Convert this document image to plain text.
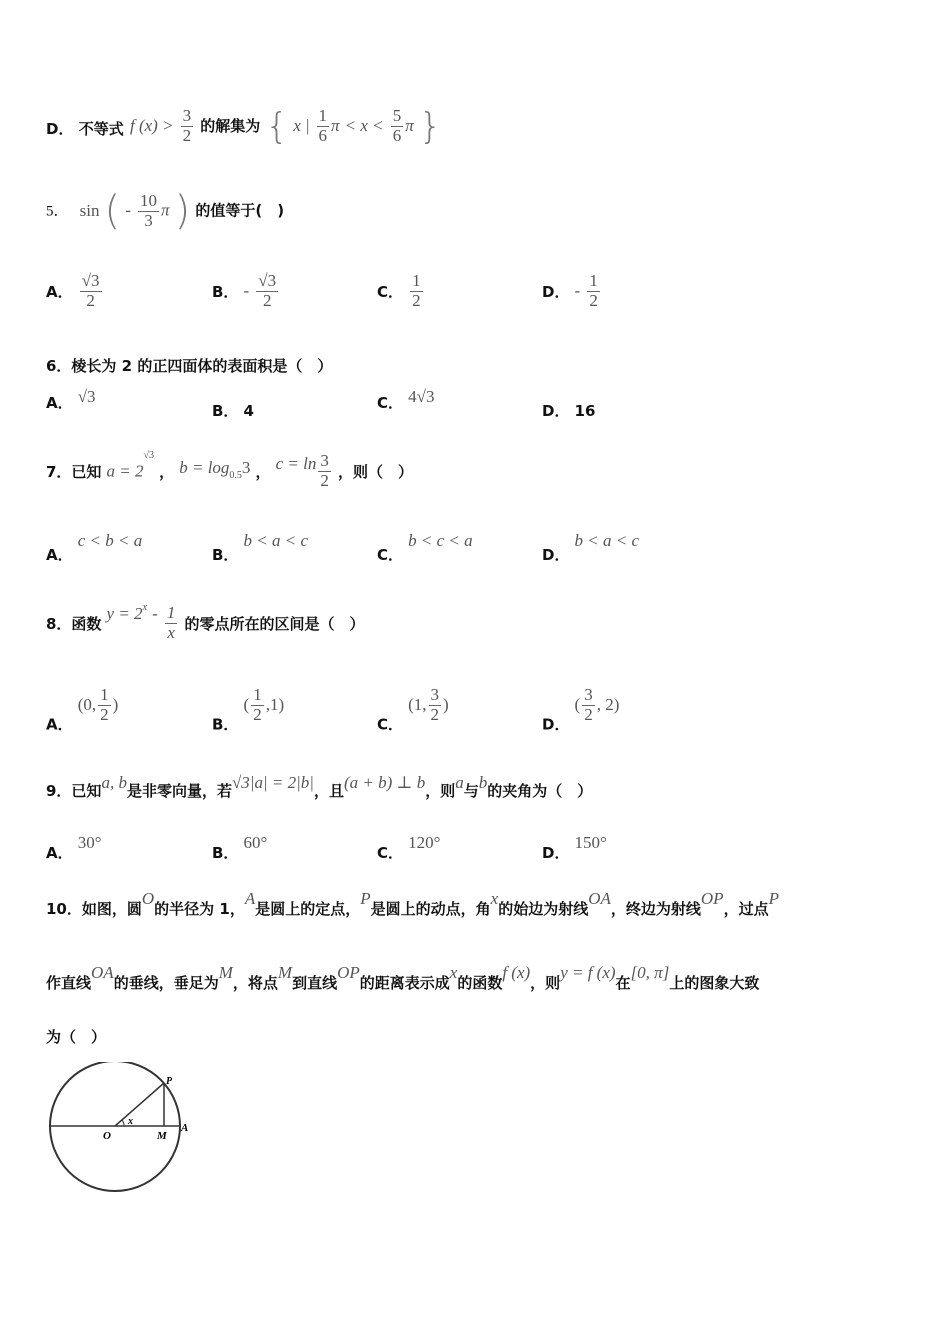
D． 不等式 f $(x) > \frac{3}{2}$ 的解集为 { x | $\frac{1}{6}$ $\pi < x < \frac{5}{6}$ π }
5． sin ( - $\frac{10}{3}$ π ) 的值等于(　)
A． $\frac{√3}{2}$	B． - $\frac{√3}{2}$	C． $\frac{1}{2}$	D． - $\frac{1}{2}$
6．棱长为 2 的正四面体的表面积是（　）
A． √3
B． 4	C． 4√3
D． 16
7．已知 $a = 2^{√3}$ ， $b = \log_{0.5}3$ ， $c = \ln \frac{3}{2}$ ，则（　）
A． c < b < a
B． b < a < c
C． b < c < a
D． b < a < c
8．函数 $y = 2^x - \frac{1}{x}$ 的零点所在的区间是（　）
A． (0, $\frac{1}{2}$ )
B． ( $\frac{1}{2} ,1$)
C． (1, $\frac{3}{2}$ )
D． ( $\frac{3}{2}$ , 2)
9．已知a, b是非零向量，若√3|a| = 2|b|，且(a + b) ⊥ b，则a与b的夹角为（　）
A． 30°
B． 60°
C． 120°
D． 150°
10．如图，圆O的半径为 1，A是圆上的定点，P是圆上的动点，角x的始边为射线OA，终边为射线OP，过点P
作直线OA的垂线，垂足为M，将点M到直线OP的距离表示成x的函数f (x)，则y = f (x)在[0, π]上的图象大致
为（　）
O
x
M
A
P
